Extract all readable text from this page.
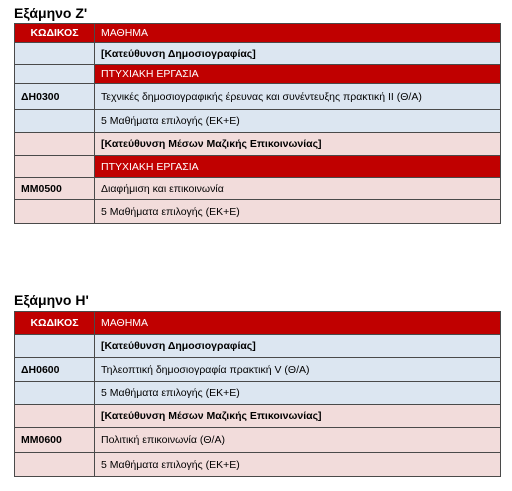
Εξάμηνο Ζ'
ΚΩΔΙΚΟΣ	ΜΑΘΗΜΑ
	[Κατεύθυνση Δημοσιογραφίας]
	ΠΤΥΧΙΑΚΗ ΕΡΓΑΣΙΑ
ΔΗ0300	Τεχνικές δημοσιογραφικής έρευνας και συνέντευξης πρακτική ΙΙ (Θ/Α)
	5 Μαθήματα επιλογής (ΕΚ+Ε)
	[Κατεύθυνση Μέσων Μαζικής Επικοινωνίας]
	ΠΤΥΧΙΑΚΗ ΕΡΓΑΣΙΑ
ΜΜ0500	Διαφήμιση και επικοινωνία
	5 Μαθήματα επιλογής (ΕΚ+Ε)
Εξάμηνο Η'
ΚΩΔΙΚΟΣ	ΜΑΘΗΜΑ
	[Κατεύθυνση Δημοσιογραφίας]
ΔΗ0600	Τηλεοπτική δημοσιογραφία πρακτική V (Θ/Α)
	5 Μαθήματα επιλογής (ΕΚ+Ε)
	[Κατεύθυνση Μέσων Μαζικής Επικοινωνίας]
ΜΜ0600	Πολιτική επικοινωνία (Θ/Α)
	5 Μαθήματα επιλογής (ΕΚ+Ε)
